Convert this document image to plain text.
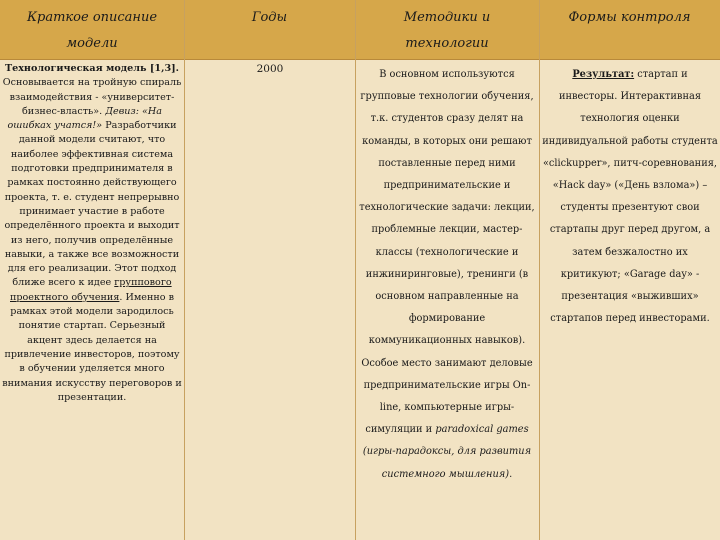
Краткое описание
модели
Годы	Методики и
технологии
Формы контроля
Технологическая модель [1,3]. Основывается на тройную спираль взаимодействия - «университет-бизнес-власть». Девиз: «На ошибках учатся!» Разработчики данной модели считают, что наиболее эффективная система подготовки предпринимателя в рамках постоянно действующего проекта, т. е. студент непрерывно принимает участие в работе определённого проекта и выходит из него, получив определённые навыки, а также все возможности для его реализации. Этот подход ближе всего к идее группового проектного обучения. Именно в рамках этой модели зародилось понятие стартап. Серьезный акцент здесь делается на привлечение инвесторов, поэтому в обучении уделяется много внимания искусству переговоров и презентации.
2000	В основном используются групповые технологии обучения, т.к. студентов сразу делят на команды, в которых они решают поставленные перед ними предпринимательские и технологические задачи: лекции, проблемные лекции, мастер-классы (технологические и инжиниринговые), тренинги (в основном направленные на формирование коммуникационных навыков). Особое место занимают деловые предпринимательские игры On-line, компьютерные игры-симуляции и paradoxical games (игры-парадоксы, для развития системного мышления).
Результат: стартап и инвесторы. Интерактивная технология оценки индивидуальной работы студента «clickupper», питч-соревнования, «Hack day» («День взлома») – студенты презентуют свои стартапы друг перед другом, а затем безжалостно их критикуют; «Garage day» - презентация «выживших» стартапов перед инвесторами.
